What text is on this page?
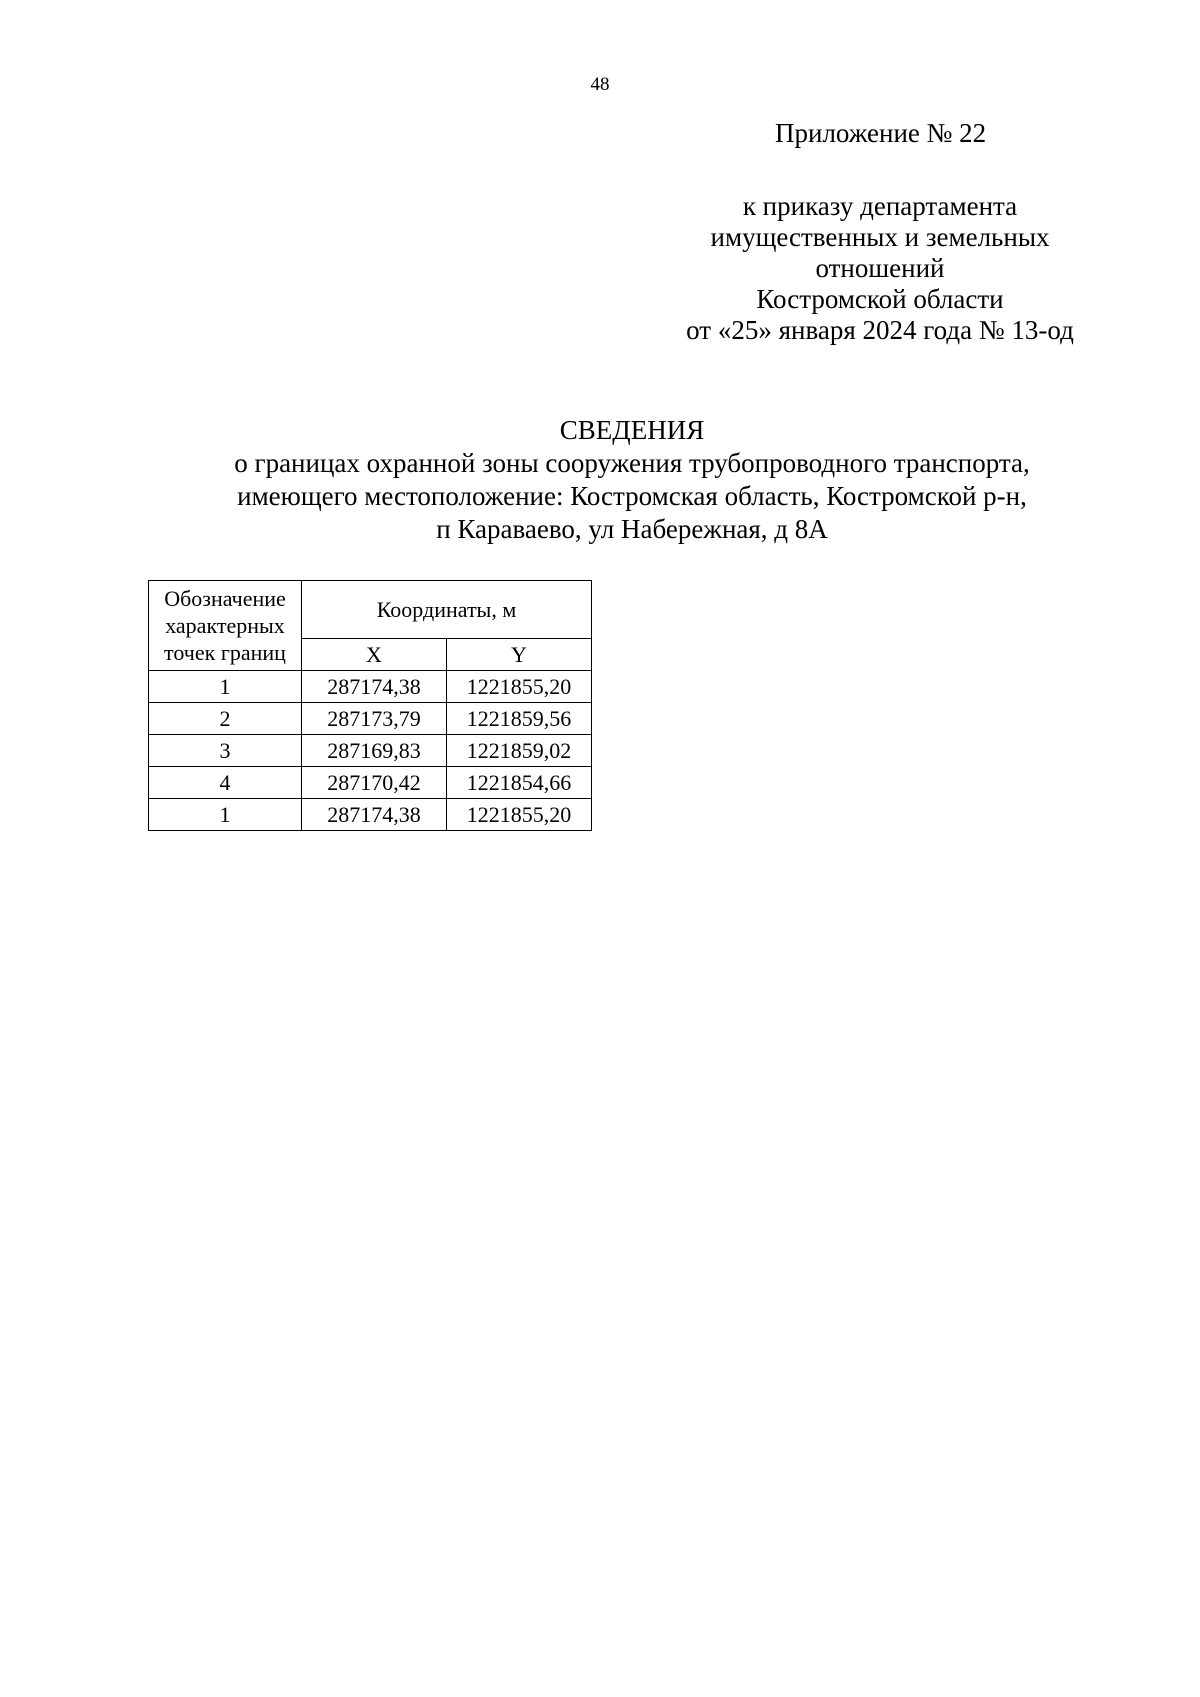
48
Приложение № 22
к приказу департамента
имущественных и земельных
отношений
Костромской области
от «25» января 2024 года № 13-од
СВЕДЕНИЯ
о границах охранной зоны сооружения трубопроводного транспорта,
имеющего местоположение: Костромская область, Костромской р-н,
п Караваево, ул Набережная, д 8А
Обозначение характерных точек границ	Координаты, м	
	X	Y
1	287174,38	1221855,20
2	287173,79	1221859,56
3	287169,83	1221859,02
4	287170,42	1221854,66
1	287174,38	1221855,20
